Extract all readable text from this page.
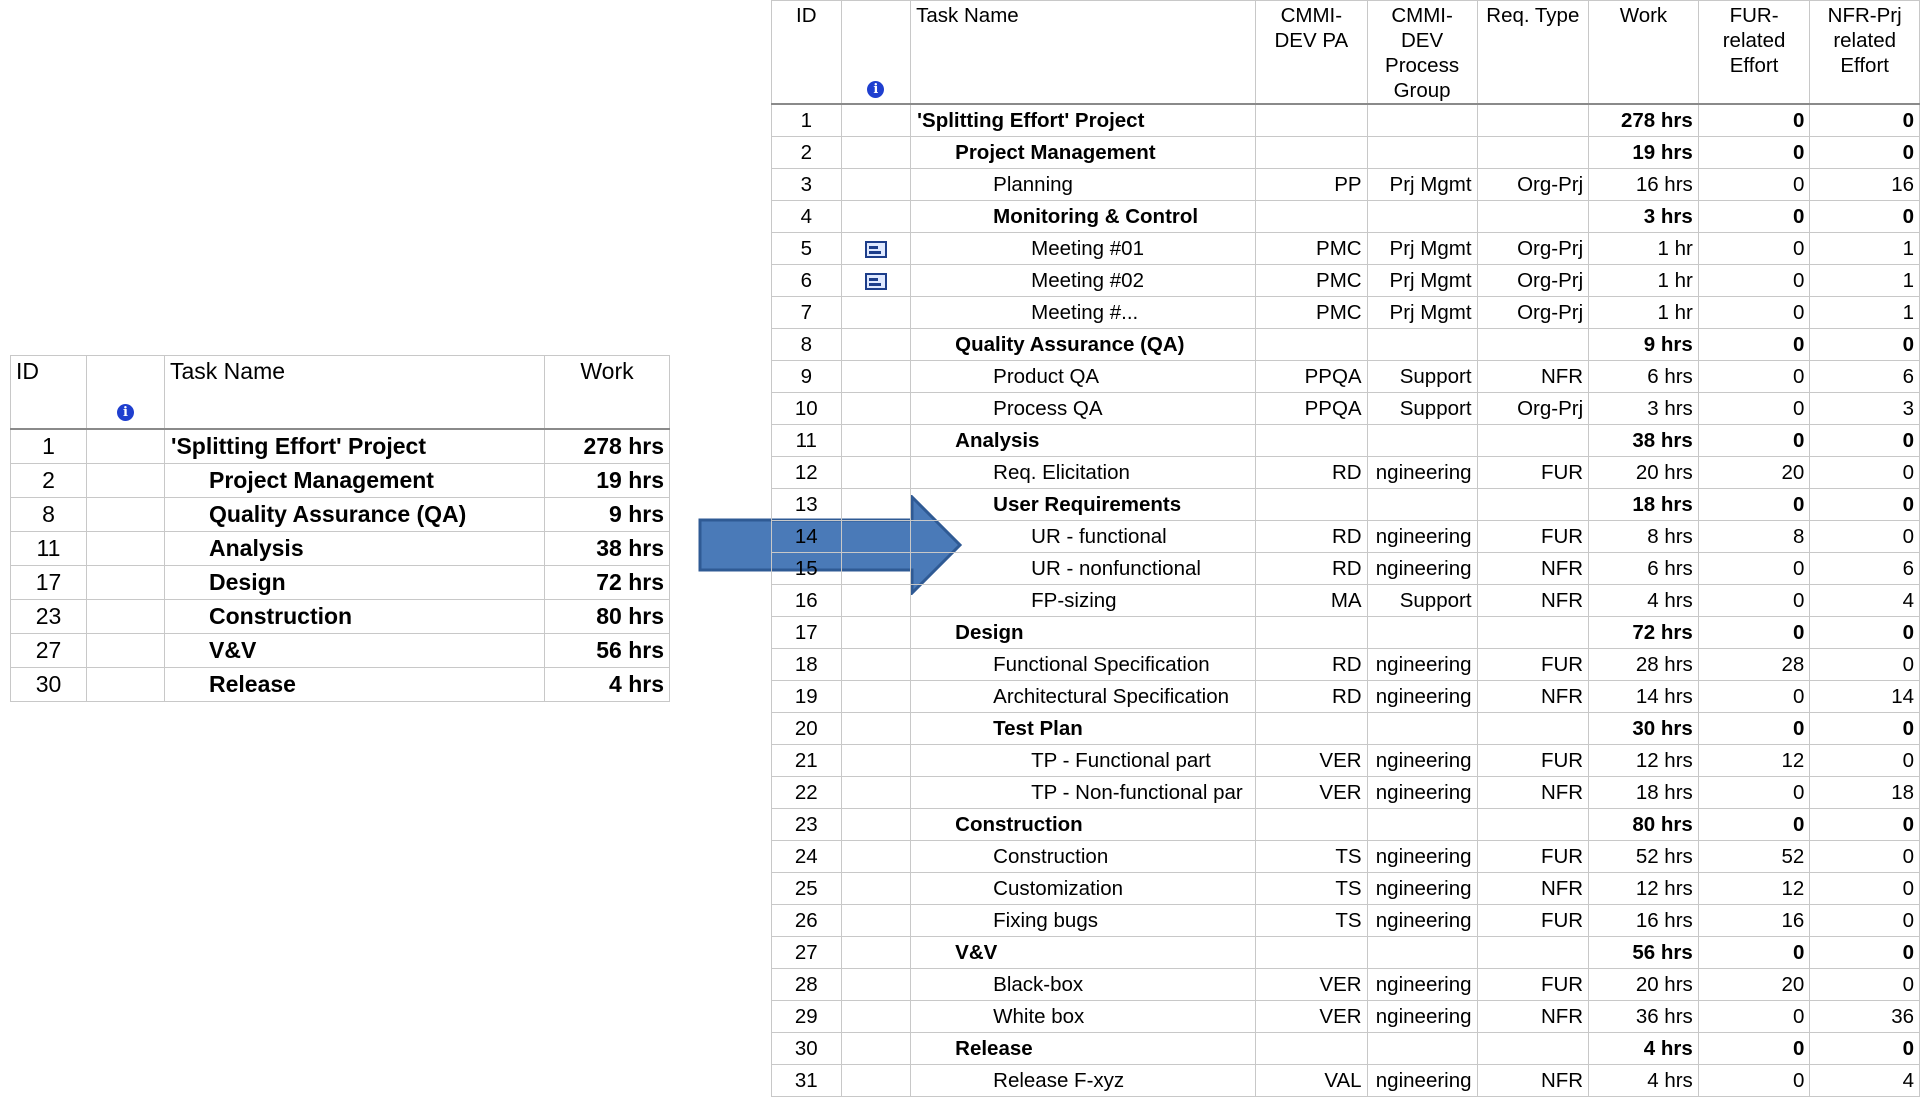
ID	i	Task Name	Work
1		'Splitting Effort' Project	278 hrs
2		Project Management	19 hrs
8		Quality Assurance (QA)	9 hrs
11		Analysis	38 hrs
17		Design	72 hrs
23		Construction	80 hrs
27		V&V	56 hrs
30		Release	4 hrs
ID	i	Task Name	CMMI-DEV PA	CMMI-DEV Process Group	Req. Type	Work	FUR-related Effort	NFR-Prj related Effort
1		'Splitting Effort' Project				278 hrs	0	0
2		Project Management				19 hrs	0	0
3		Planning	PP	Prj Mgmt	Org-Prj	16 hrs	0	16
4		Monitoring & Control				3 hrs	0	0
5		Meeting #01	PMC	Prj Mgmt	Org-Prj	1 hr	0	1
6		Meeting #02	PMC	Prj Mgmt	Org-Prj	1 hr	0	1
7		Meeting #...	PMC	Prj Mgmt	Org-Prj	1 hr	0	1
8		Quality Assurance (QA)				9 hrs	0	0
9		Product QA	PPQA	Support	NFR	6 hrs	0	6
10		Process QA	PPQA	Support	Org-Prj	3 hrs	0	3
11		Analysis				38 hrs	0	0
12		Req. Elicitation	RD	ngineering	FUR	20 hrs	20	0
13		User Requirements				18 hrs	0	0
14		UR - functional	RD	ngineering	FUR	8 hrs	8	0
15		UR - nonfunctional	RD	ngineering	NFR	6 hrs	0	6
16		FP-sizing	MA	Support	NFR	4 hrs	0	4
17		Design				72 hrs	0	0
18		Functional Specification	RD	ngineering	FUR	28 hrs	28	0
19		Architectural Specification	RD	ngineering	NFR	14 hrs	0	14
20		Test Plan				30 hrs	0	0
21		TP - Functional part	VER	ngineering	FUR	12 hrs	12	0
22		TP - Non-functional par	VER	ngineering	NFR	18 hrs	0	18
23		Construction				80 hrs	0	0
24		Construction	TS	ngineering	FUR	52 hrs	52	0
25		Customization	TS	ngineering	NFR	12 hrs	12	0
26		Fixing bugs	TS	ngineering	FUR	16 hrs	16	0
27		V&V				56 hrs	0	0
28		Black-box	VER	ngineering	FUR	20 hrs	20	0
29		White box	VER	ngineering	NFR	36 hrs	0	36
30		Release				4 hrs	0	0
31		Release F-xyz	VAL	ngineering	NFR	4 hrs	0	4
